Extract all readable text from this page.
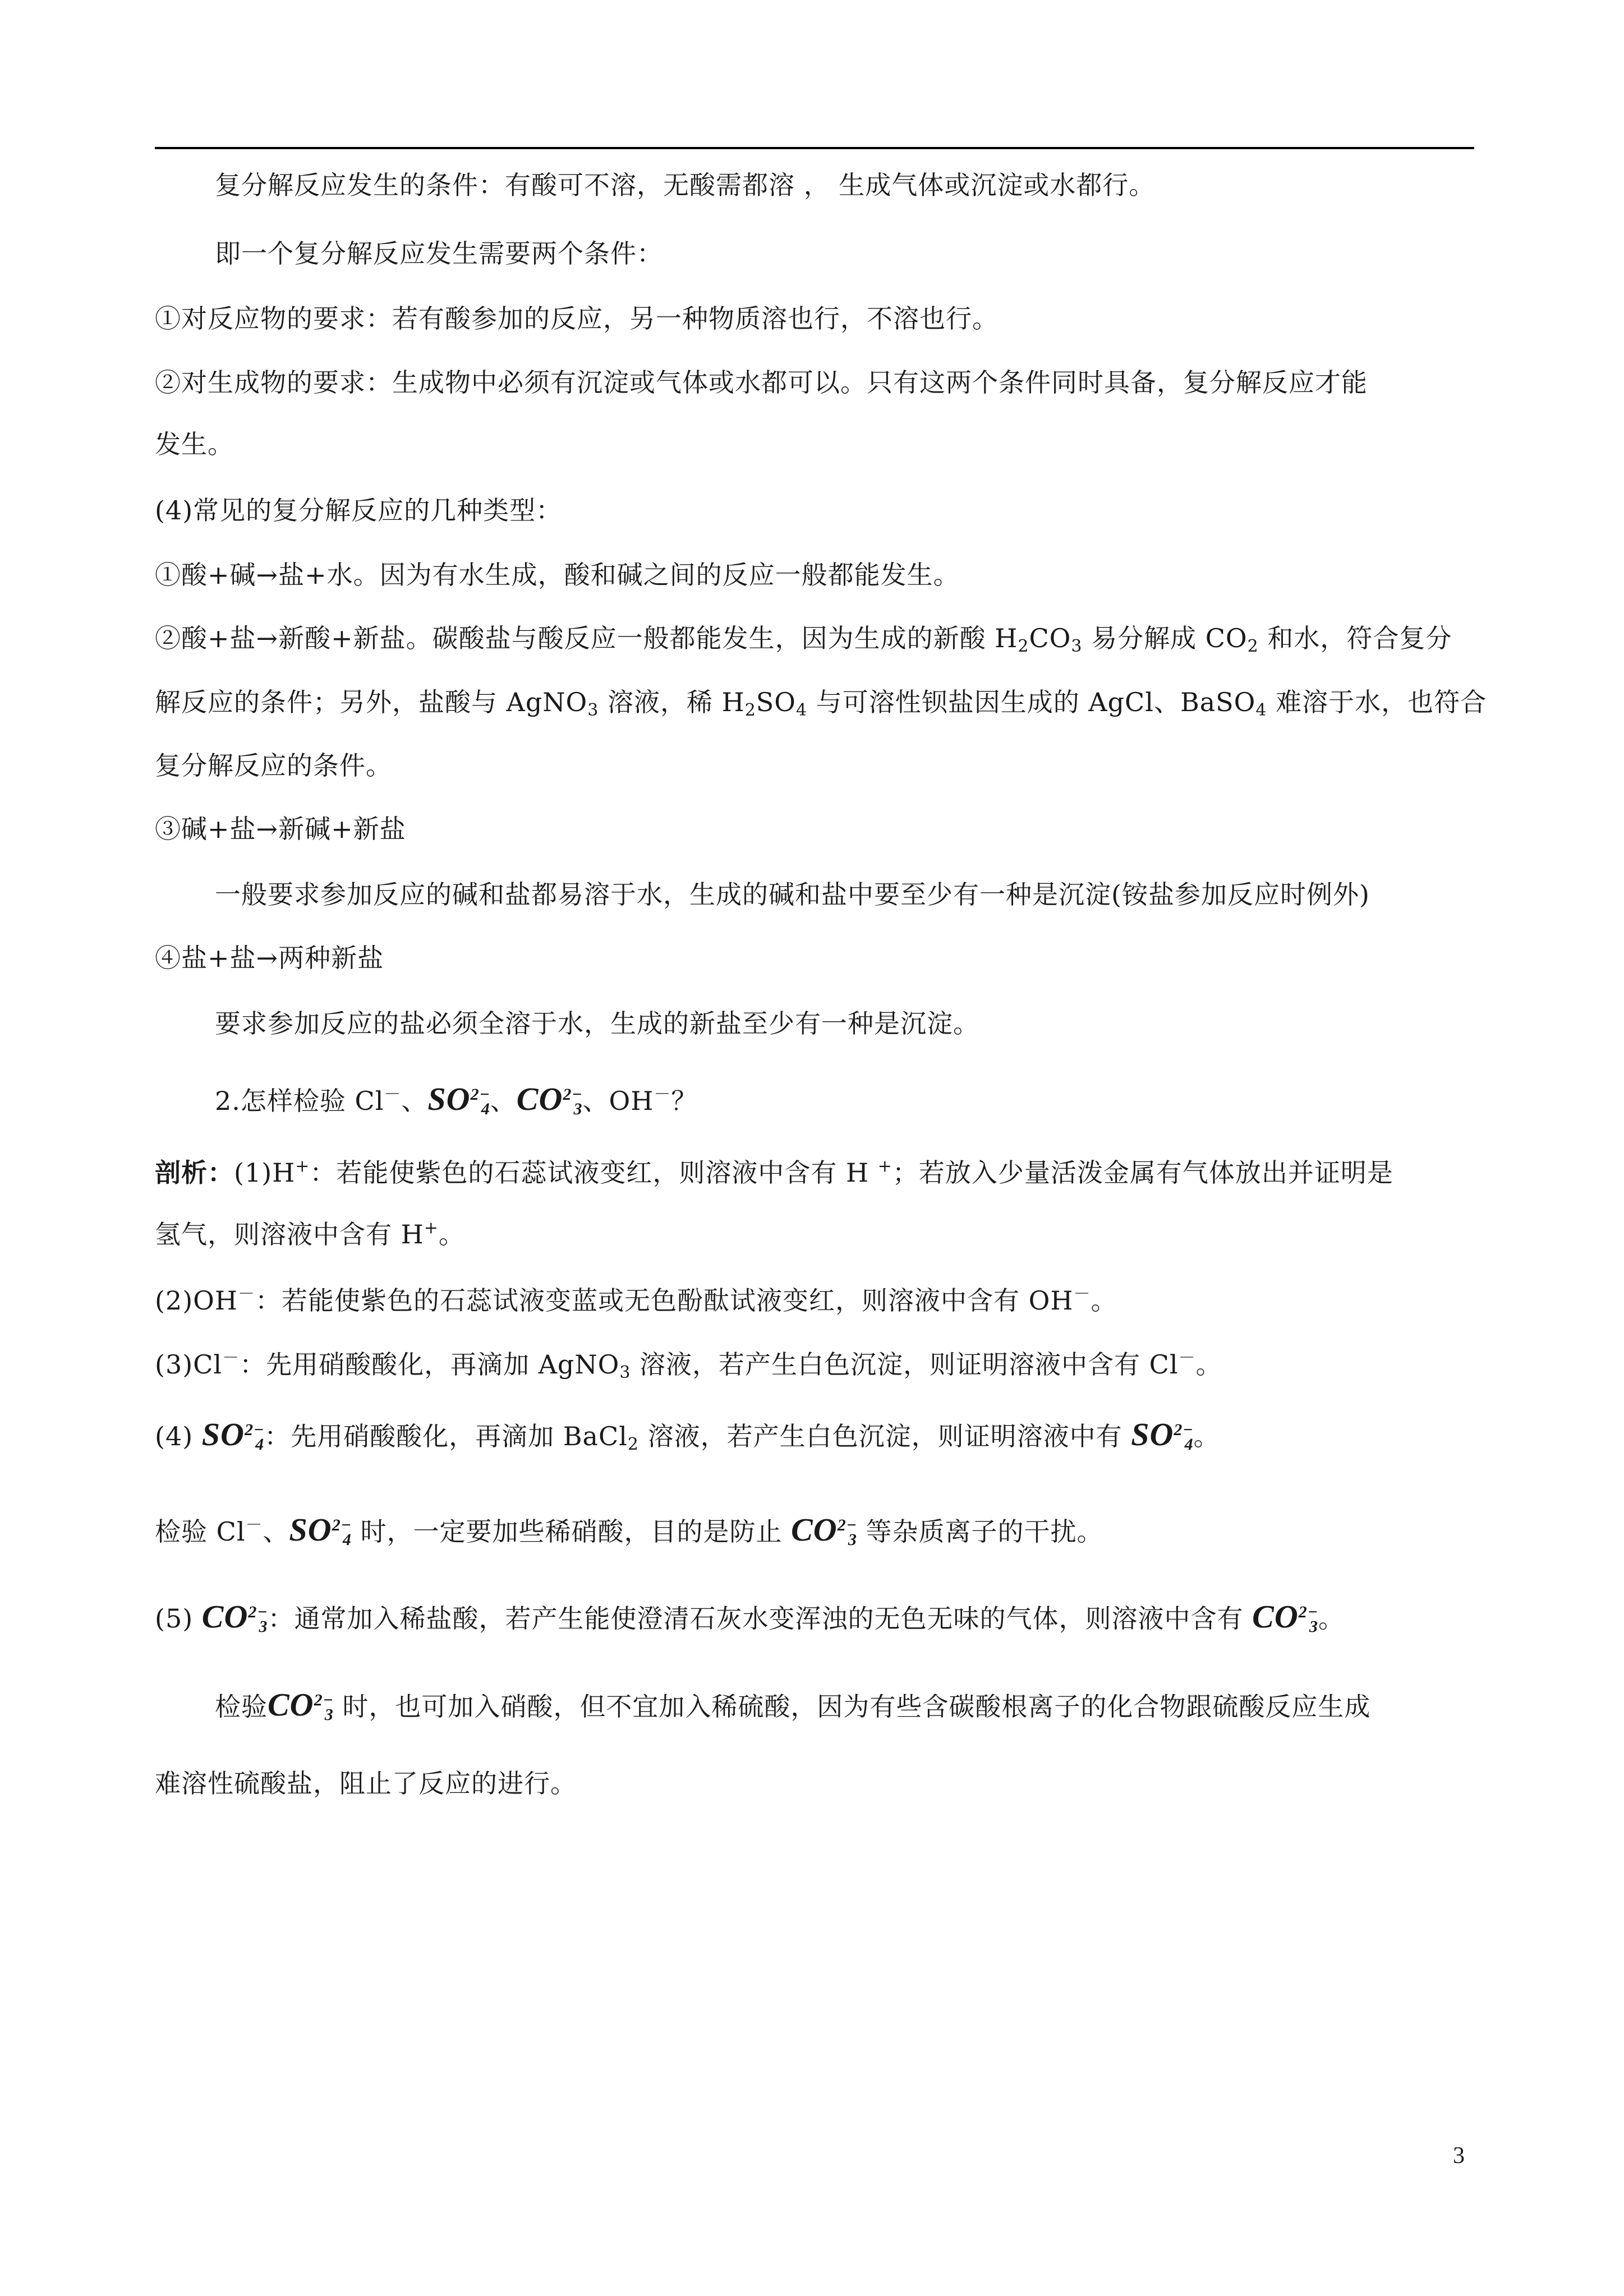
复分解反应发生的条件：有酸可不溶，无酸需都溶 ， 生成气体或沉淀或水都行。
即一个复分解反应发生需要两个条件：
①对反应物的要求：若有酸参加的反应，另一种物质溶也行，不溶也行。
②对生成物的要求：生成物中必须有沉淀或气体或水都可以。只有这两个条件同时具备，复分解反应才能
发生。
(4)常见的复分解反应的几种类型：
①酸+碱→盐+水。因为有水生成，酸和碱之间的反应一般都能发生。
②酸+盐→新酸+新盐。碳酸盐与酸反应一般都能发生，因为生成的新酸 $H_2CO_3$ 易分解成 $CO_2$ 和水，符合复分
解反应的条件；另外，盐酸与 AgNO$_3$ 溶液，稀 $H_2SO_4$ 与可溶性钡盐因生成的 AgCl、BaSO$_4$ 难溶于水，也符合
复分解反应的条件。
③碱+盐→新碱+新盐
一般要求参加反应的碱和盐都易溶于水，生成的碱和盐中要至少有一种是沉淀(铵盐参加反应时例外)
④盐+盐→两种新盐
要求参加反应的盐必须全溶于水，生成的新盐至少有一种是沉淀。
2.怎样检验 Cl－、$SO^{2-}_4$、$CO^{2-}_3$、OH－？
剖析：(1)H+：若能使紫色的石蕊试液变红，则溶液中含有 H +；若放入少量活泼金属有气体放出并证明是
氢气，则溶液中含有 H+。
(2)OH－：若能使紫色的石蕊试液变蓝或无色酚酞试液变红，则溶液中含有 OH－。
(3)Cl－：先用硝酸酸化，再滴加 AgNO$_3$ 溶液，若产生白色沉淀，则证明溶液中含有 Cl－。
(4) $SO^{2-}_4$：先用硝酸酸化，再滴加 BaCl$_2$ 溶液，若产生白色沉淀，则证明溶液中有 $SO^{2-}_4$。
检验 Cl－、$SO^{2-}_4$ 时，一定要加些稀硝酸，目的是防止 $CO^{2-}_3$ 等杂质离子的干扰。
(5) $CO^{2-}_3$：通常加入稀盐酸，若产生能使澄清石灰水变浑浊的无色无味的气体，则溶液中含有 $CO^{2-}_3$。
检验$CO^{2-}_3$ 时，也可加入硝酸，但不宜加入稀硫酸，因为有些含碳酸根离子的化合物跟硫酸反应生成
难溶性硫酸盐，阻止了反应的进行。
3
